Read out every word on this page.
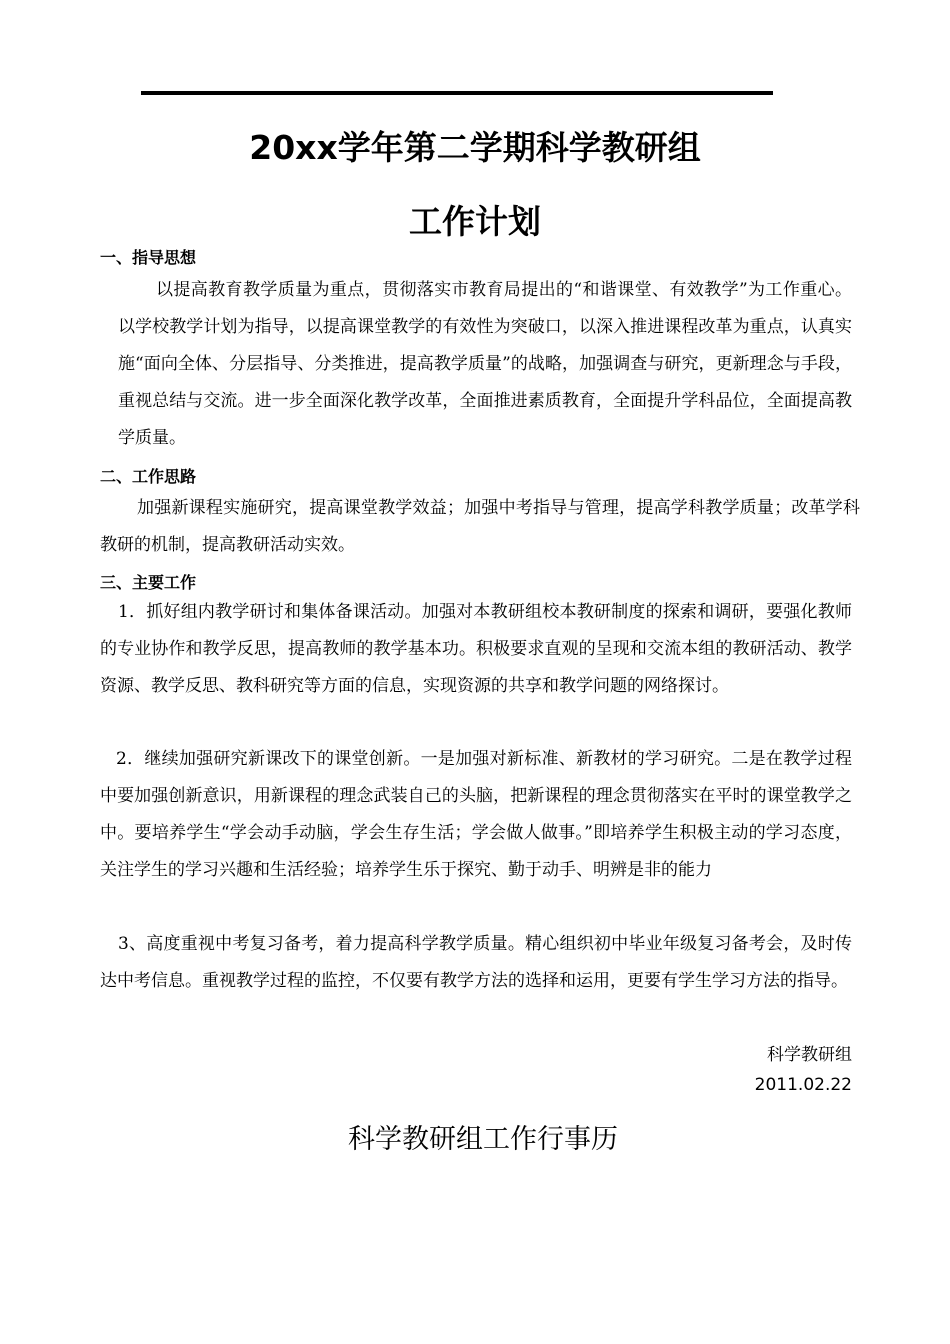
20xx学年第二学期科学教研组
工作计划
一、指导思想
以提高教育教学质量为重点，贯彻落实市教育局提出的“和谐课堂、有效教学”为工作重心。以学校教学计划为指导，以提高课堂教学的有效性为突破口，以深入推进课程改革为重点，认真实施“面向全体、分层指导、分类推进，提高教学质量”的战略，加强调查与研究，更新理念与手段，重视总结与交流。进一步全面深化教学改革，全面推进素质教育，全面提升学科品位，全面提高教学质量。
二、工作思路
加强新课程实施研究，提高课堂教学效益；加强中考指导与管理，提高学科教学质量；改革学科教研的机制，提高教研活动实效。
三、主要工作
1．抓好组内教学研讨和集体备课活动。加强对本教研组校本教研制度的探索和调研，要强化教师的专业协作和教学反思，提高教师的教学基本功。积极要求直观的呈现和交流本组的教研活动、教学资源、教学反思、教科研究等方面的信息，实现资源的共享和教学问题的网络探讨。
2．继续加强研究新课改下的课堂创新。一是加强对新标准、新教材的学习研究。二是在教学过程中要加强创新意识，用新课程的理念武装自己的头脑，把新课程的理念贯彻落实在平时的课堂教学之中。要培养学生“学会动手动脑，学会生存生活；学会做人做事。”即培养学生积极主动的学习态度，关注学生的学习兴趣和生活经验；培养学生乐于探究、勤于动手、明辨是非的能力
3、高度重视中考复习备考，着力提高科学教学质量。精心组织初中毕业年级复习备考会，及时传达中考信息。重视教学过程的监控，不仅要有教学方法的选择和运用，更要有学生学习方法的指导。
科学教研组
2011.02.22
科学教研组工作行事历
